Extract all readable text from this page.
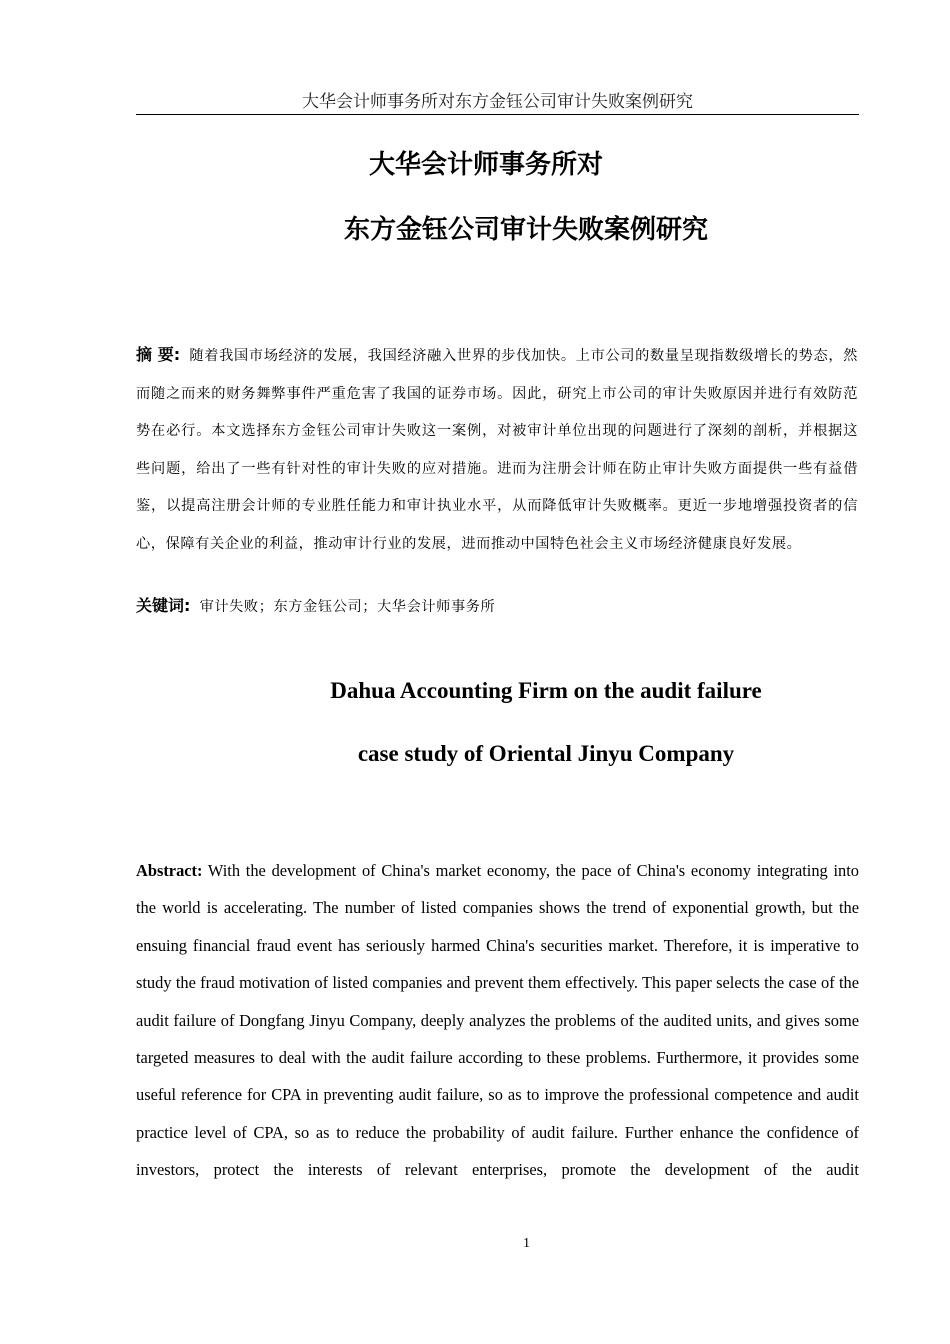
大华会计师事务所对东方金钰公司审计失败案例研究
大华会计师事务所对
东方金钰公司审计失败案例研究
摘 要: 随着我国市场经济的发展，我国经济融入世界的步伐加快。上市公司的数量呈现指数级增长的势态，然而随之而来的财务舞弊事件严重危害了我国的证券市场。因此，研究上市公司的审计失败原因并进行有效防范势在必行。本文选择东方金钰公司审计失败这一案例，对被审计单位出现的问题进行了深刻的剖析，并根据这些问题，给出了一些有针对性的审计失败的应对措施。进而为注册会计师在防止审计失败方面提供一些有益借鉴，以提高注册会计师的专业胜任能力和审计执业水平，从而降低审计失败概率。更近一步地增强投资者的信心，保障有关企业的利益，推动审计行业的发展，进而推动中国特色社会主义市场经济健康良好发展。
关键词: 审计失败；东方金钰公司；大华会计师事务所
Dahua Accounting Firm on the audit failure
case study of Oriental Jinyu Company
Abstract: With the development of China's market economy, the pace of China's economy integrating into the world is accelerating. The number of listed companies shows the trend of exponential growth, but the ensuing financial fraud event has seriously harmed China's securities market. Therefore, it is imperative to study the fraud motivation of listed companies and prevent them effectively. This paper selects the case of the audit failure of Dongfang Jinyu Company, deeply analyzes the problems of the audited units, and gives some targeted measures to deal with the audit failure according to these problems. Furthermore, it provides some useful reference for CPA in preventing audit failure, so as to improve the professional competence and audit practice level of CPA, so as to reduce the probability of audit failure. Further enhance the confidence of investors, protect the interests of relevant enterprises, promote the development of the audit
1
